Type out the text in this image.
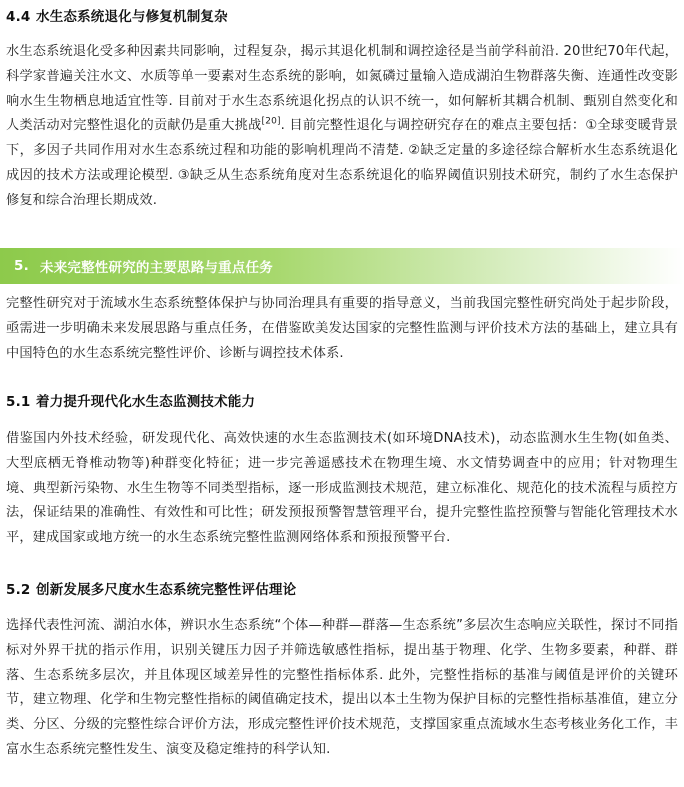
4.4 水生态系统退化与修复机制复杂

水生态系统退化受多种因素共同影响，过程复杂，揭示其退化机制和调控途径是当前学科前沿. 20世纪70年代起，科学家普遍关注水文、水质等单一要素对生态系统的影响，如氮磷过量输入造成湖泊生物群落失衡、连通性改变影响水生生物栖息地适宜性等. 目前对于水生态系统退化拐点的认识不统一，如何解析其耦合机制、甄别自然变化和人类活动对完整性退化的贡献仍是重大挑战[20]. 目前完整性退化与调控研究存在的难点主要包括：①全球变暖背景下，多因子共同作用对水生态系统过程和功能的影响机理尚不清楚. ②缺乏定量的多途径综合解析水生态系统退化成因的技术方法或理论模型. ③缺乏从生态系统角度对生态系统退化的临界阈值识别技术研究，制约了水生态保护修复和综合治理长期成效.

5. 未来完整性研究的主要思路与重点任务

完整性研究对于流域水生态系统整体保护与协同治理具有重要的指导意义，当前我国完整性研究尚处于起步阶段，亟需进一步明确未来发展思路与重点任务，在借鉴欧美发达国家的完整性监测与评价技术方法的基础上，建立具有中国特色的水生态系统完整性评价、诊断与调控技术体系.

5.1 着力提升现代化水生态监测技术能力

借鉴国内外技术经验，研发现代化、高效快速的水生态监测技术(如环境DNA技术)，动态监测水生生物(如鱼类、大型底栖无脊椎动物等)种群变化特征；进一步完善遥感技术在物理生境、水文情势调查中的应用；针对物理生境、典型新污染物、水生生物等不同类型指标，逐一形成监测技术规范，建立标准化、规范化的技术流程与质控方法，保证结果的准确性、有效性和可比性；研发预报预警智慧管理平台，提升完整性监控预警与智能化管理技术水平，建成国家或地方统一的水生态系统完整性监测网络体系和预报预警平台.

5.2 创新发展多尺度水生态系统完整性评估理论

选择代表性河流、湖泊水体，辨识水生态系统“个体—种群—群落—生态系统”多层次生态响应关联性，探讨不同指标对外界干扰的指示作用，识别关键压力因子并筛选敏感性指标，提出基于物理、化学、生物多要素，种群、群落、生态系统多层次，并且体现区域差异性的完整性指标体系. 此外，完整性指标的基准与阈值是评价的关键环节，建立物理、化学和生物完整性指标的阈值确定技术，提出以本土生物为保护目标的完整性指标基准值，建立分类、分区、分级的完整性综合评价方法，形成完整性评价技术规范，支撑国家重点流域水生态考核业务化工作，丰富水生态系统完整性发生、演变及稳定维持的科学认知.
